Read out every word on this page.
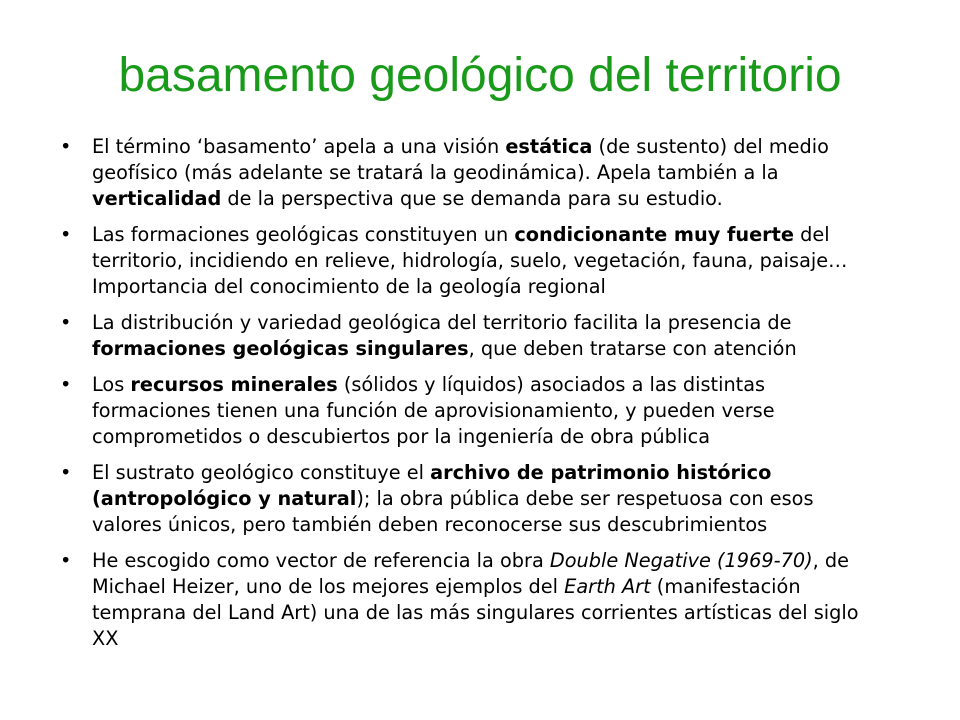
basamento geológico del territorio
•	El término ‘basamento’ apela a una visión estática (de sustento) del medio geofísico (más adelante se tratará la geodinámica). Apela también a la verticalidad de la perspectiva que se demanda para su estudio.
•	Las formaciones geológicas constituyen un condicionante muy fuerte del territorio, incidiendo en relieve, hidrología, suelo, vegetación, fauna, paisaje… Importancia del conocimiento de la geología regional
•	La distribución y variedad geológica del territorio facilita la presencia de formaciones geológicas singulares, que deben tratarse con atención
•	Los recursos minerales (sólidos y líquidos) asociados a las distintas formaciones tienen una función de aprovisionamiento, y pueden verse comprometidos o descubiertos por la ingeniería de obra pública
•	El sustrato geológico constituye el archivo de patrimonio histórico (antropológico y natural); la obra pública debe ser respetuosa con esos valores únicos, pero también deben reconocerse sus descubrimientos
•	He escogido como vector de referencia la obra Double Negative (1969-70), de Michael Heizer, uno de los mejores ejemplos del Earth Art (manifestación temprana del Land Art) una de las más singulares corrientes artísticas del siglo XX
